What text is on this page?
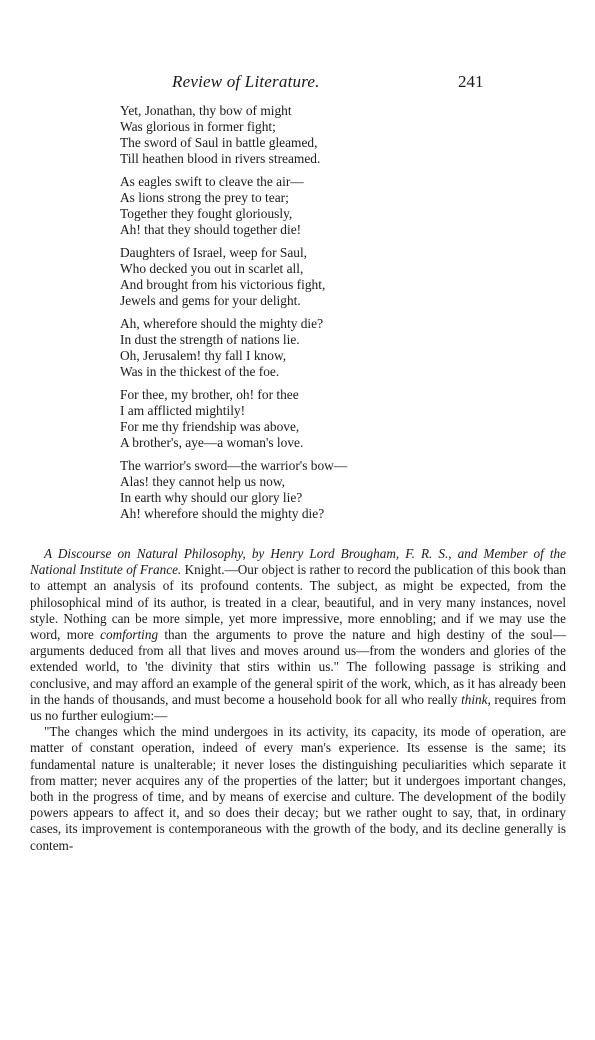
Review of Literature.	241
Yet, Jonathan, thy bow of might
Was glorious in former fight;
The sword of Saul in battle gleamed,
Till heathen blood in rivers streamed.
As eagles swift to cleave the air—
As lions strong the prey to tear;
Together they fought gloriously,
Ah! that they should together die!
Daughters of Israel, weep for Saul,
Who decked you out in scarlet all,
And brought from his victorious fight,
Jewels and gems for your delight.
Ah, wherefore should the mighty die?
In dust the strength of nations lie.
Oh, Jerusalem! thy fall I know,
Was in the thickest of the foe.
For thee, my brother, oh! for thee
I am afflicted mightily!
For me thy friendship was above,
A brother's, aye—a woman's love.
The warrior's sword—the warrior's bow—
Alas! they cannot help us now,
In earth why should our glory lie?
Ah! wherefore should the mighty die?

A Discourse on Natural Philosophy, by Henry Lord Brougham, F. R. S., and Member of the National Institute of France. Knight.—Our object is rather to record the publication of this book than to attempt an analysis of its profound contents. The subject, as might be expected, from the philosophical mind of its author, is treated in a clear, beautiful, and in very many instances, novel style. Nothing can be more simple, yet more impressive, more ennobling; and if we may use the word, more comforting than the arguments to prove the nature and high destiny of the soul—arguments deduced from all that lives and moves around us—from the wonders and glories of the extended world, to 'the divinity that stirs within us." The following passage is striking and conclusive, and may afford an example of the general spirit of the work, which, as it has already been in the hands of thousands, and must become a household book for all who really think, requires from us no further eulogium:—

"The changes which the mind undergoes in its activity, its capacity, its mode of operation, are matter of constant operation, indeed of every man's experience. Its essense is the same; its fundamental nature is unalterable; it never loses the distinguishing peculiarities which separate it from matter; never acquires any of the properties of the latter; but it undergoes important changes, both in the progress of time, and by means of exercise and culture. The development of the bodily powers appears to affect it, and so does their decay; but we rather ought to say, that, in ordinary cases, its improvement is contemporaneous with the growth of the body, and its decline generally is contem-
